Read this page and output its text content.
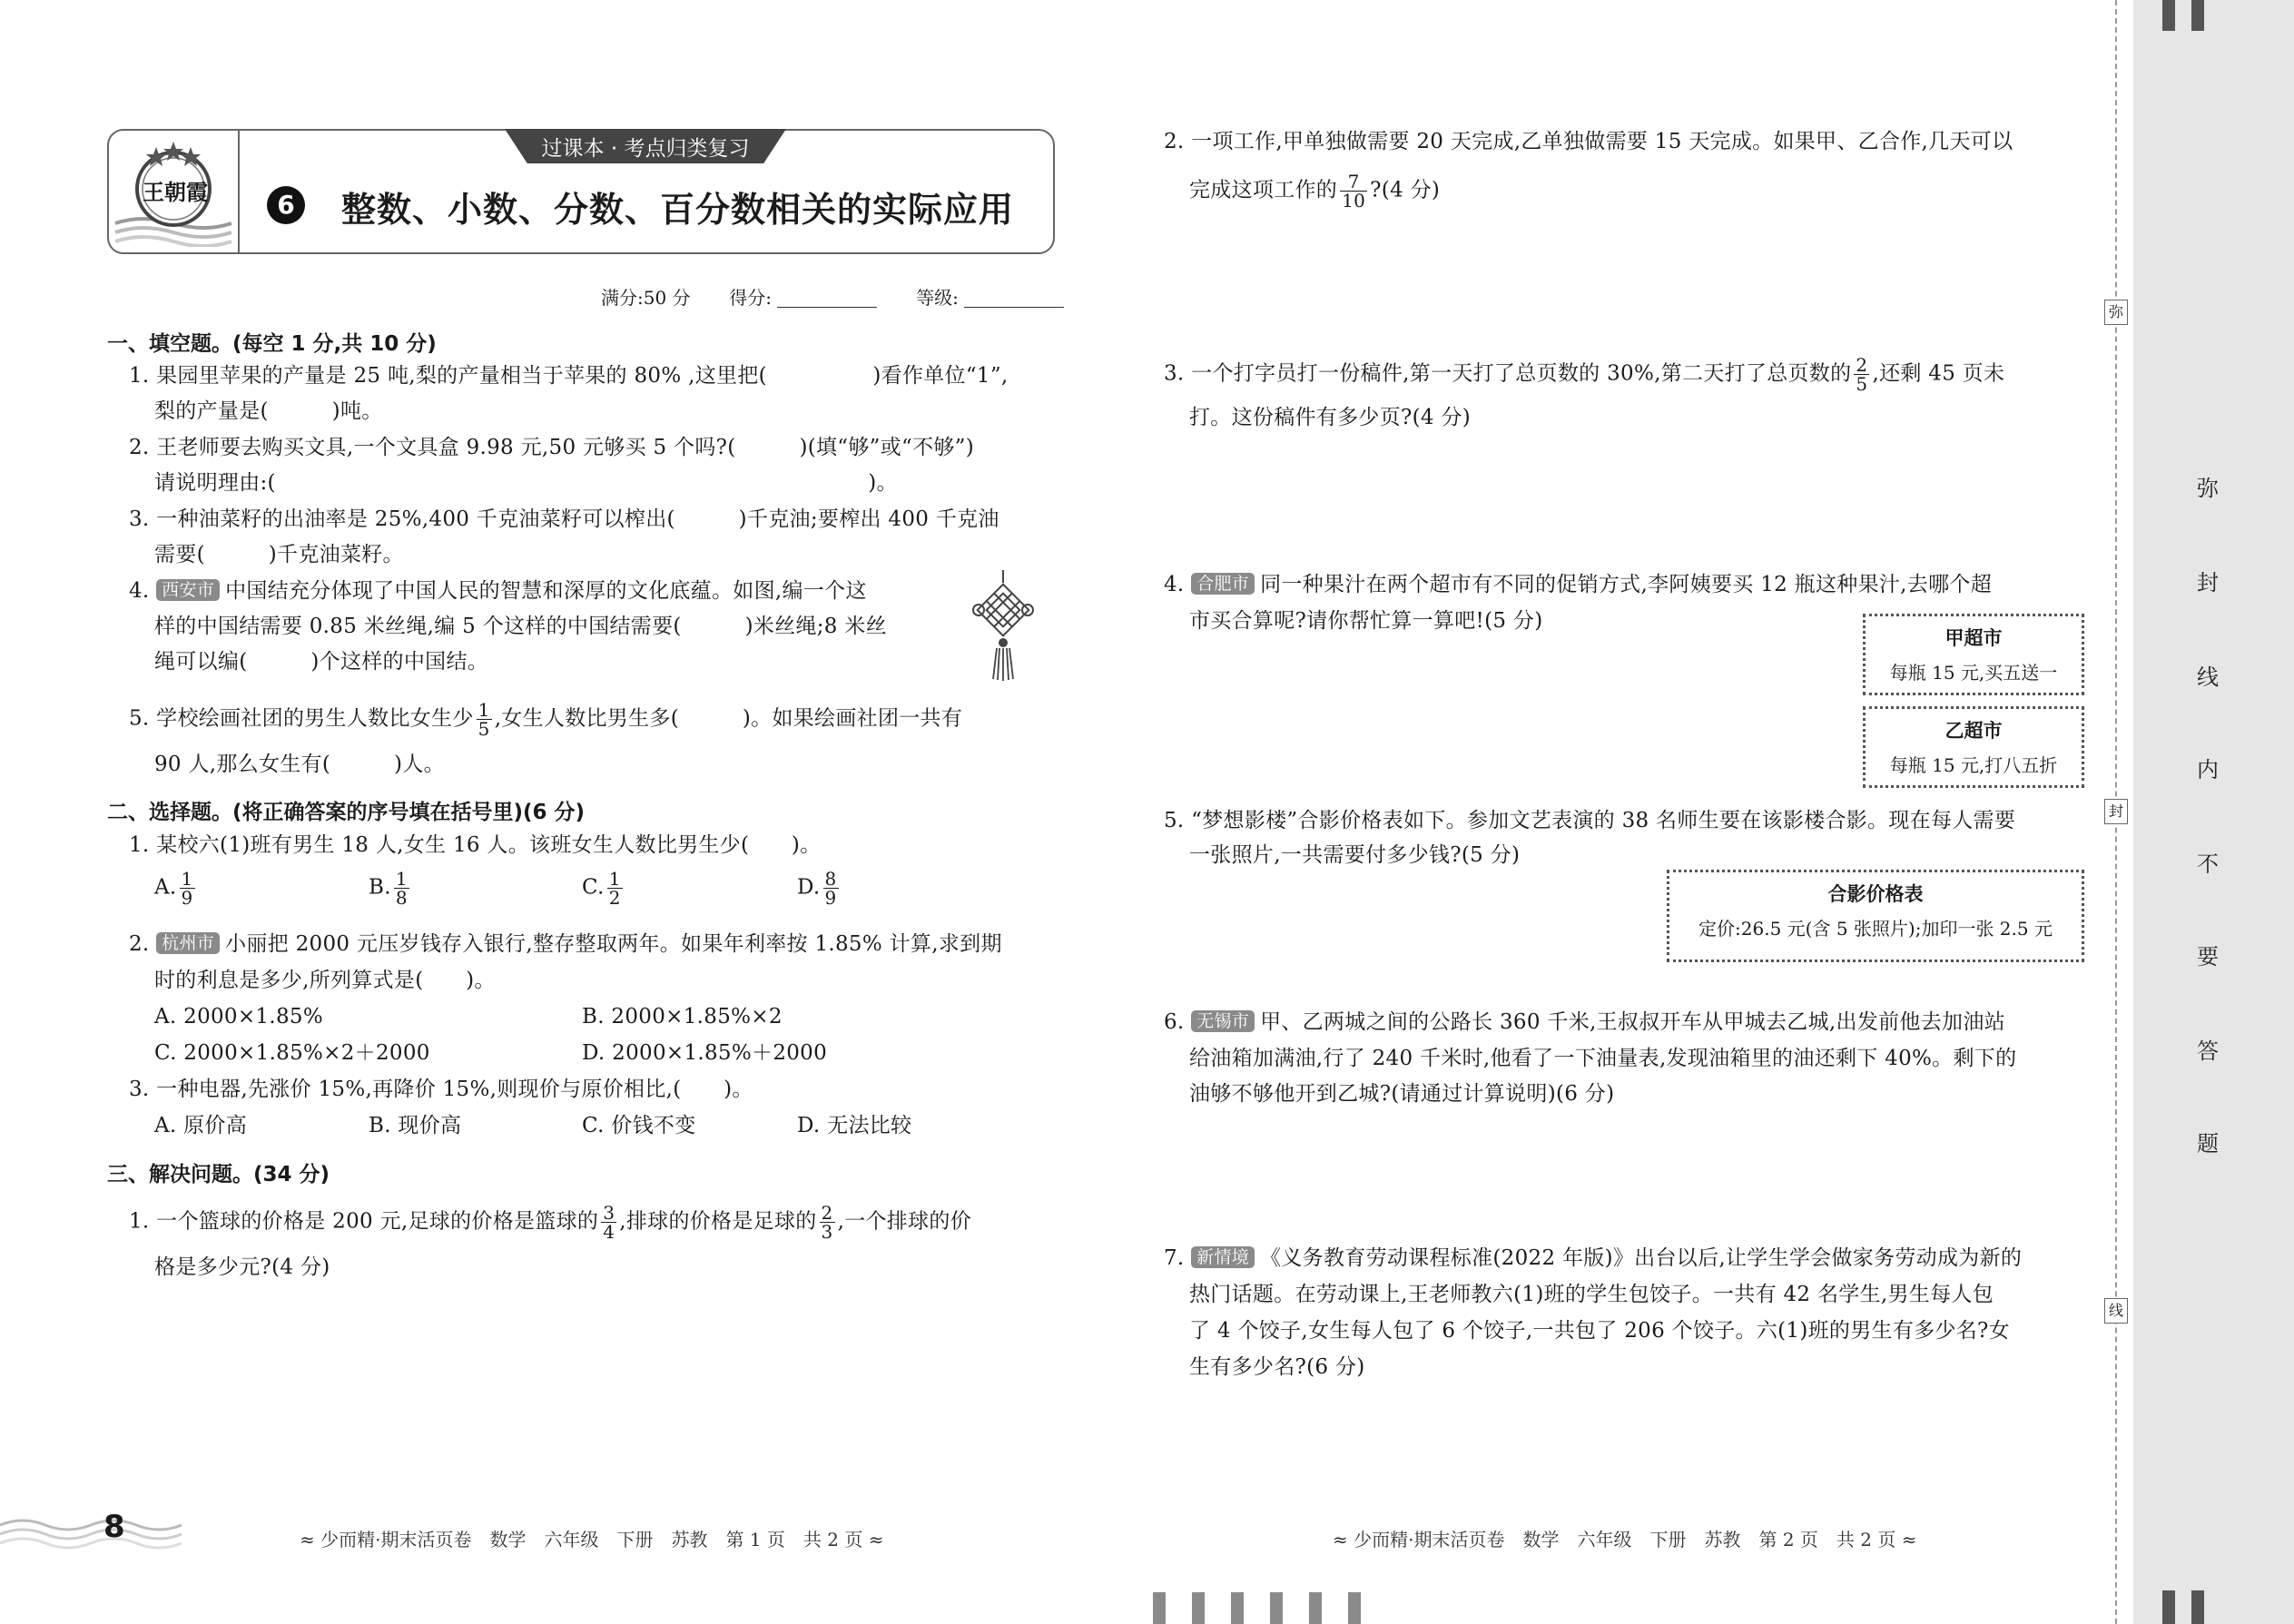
王朝霞
过课本 · 考点归类复习
6 整数、小数、分数、百分数相关的实际应用
满分:50 分 得分:	等级:
一、填空题。(每空 1 分,共 10 分)
1. 果园里苹果的产量是 25 吨,梨的产量相当于苹果的 80% ,这里把(　　　　　)看作单位“1”,
梨的产量是(　　　)吨。
2. 王老师要去购买文具,一个文具盒 9.98 元,50 元够买 5 个吗?(　　　)(填“够”或“不够”)
请说明理由:(　　　　　　　　　　　　　　　　　　　　　　　　　　　　)。
3. 一种油菜籽的出油率是 25%,400 千克油菜籽可以榨出(　　　)千克油;要榨出 400 千克油
需要(　　　)千克油菜籽。
4. 西安市 中国结充分体现了中国人民的智慧和深厚的文化底蕴。如图,编一个这
样的中国结需要 0.85 米丝绳,编 5 个这样的中国结需要(　　　)米丝绳;8 米丝
绳可以编(　　　)个这样的中国结。
5. 学校绘画社团的男生人数比女生少 $\frac{1}{5}$ ,女生人数比男生多(　　　)。如果绘画社团一共有
90 人,那么女生有(　　　)人。
二、选择题。(将正确答案的序号填在括号里)(6 分)
1. 某校六(1)班有男生 18 人,女生 16 人。该班女生人数比男生少(　　)。
A. $\frac{1}{9}$	B. $\frac{1}{8}$	C. $\frac{1}{2}$	D. $\frac{8}{9}$
2. 杭州市 小丽把 2000 元压岁钱存入银行,整存整取两年。如果年利率按 1.85% 计算,求到期
时的利息是多少,所列算式是(　　)。
A. 2000×1.85%	B. 2000×1.85%×2
C. 2000×1.85%×2＋2000	D. 2000×1.85%＋2000
3. 一种电器,先涨价 15%,再降价 15%,则现价与原价相比,(　　)。
A. 原价高	B. 现价高	C. 价钱不变	D. 无法比较
三、解决问题。(34 分)
1. 一个篮球的价格是 200 元,足球的价格是篮球的 $\frac{3}{4}$ ,排球的价格是足球的 $\frac{2}{3}$ ,一个排球的价
格是多少元?(4 分)
2. 一项工作,甲单独做需要 20 天完成,乙单独做需要 15 天完成。如果甲、乙合作,几天可以
完成这项工作的 $\frac{7}{10}$ ?(4 分)
3. 一个打字员打一份稿件,第一天打了总页数的 30%,第二天打了总页数的 $\frac{2}{5}$ ,还剩 45 页未
打。这份稿件有多少页?(4 分)
4. 合肥市 同一种果汁在两个超市有不同的促销方式,李阿姨要买 12 瓶这种果汁,去哪个超
市买合算呢?请你帮忙算一算吧!(5 分)
甲超市
每瓶 15 元,买五送一
乙超市
每瓶 15 元,打八五折
5. “梦想影楼”合影价格表如下。参加文艺表演的 38 名师生要在该影楼合影。现在每人需要
一张照片,一共需要付多少钱?(5 分)
合影价格表
定价:26.5 元(含 5 张照片);加印一张 2.5 元
6. 无锡市 甲、乙两城之间的公路长 360 千米,王叔叔开车从甲城去乙城,出发前他去加油站
给油箱加满油,行了 240 千米时,他看了一下油量表,发现油箱里的油还剩下 40%。剩下的
油够不够他开到乙城?(请通过计算说明)(6 分)
7. 新情境 《义务教育劳动课程标准(2022 年版)》出台以后,让学生学会做家务劳动成为新的
热门话题。在劳动课上,王老师教六(1)班的学生包饺子。一共有 42 名学生,男生每人包
了 4 个饺子,女生每人包了 6 个饺子,一共包了 206 个饺子。六(1)班的男生有多少名?女
生有多少名?(6 分)
弥
封
线
弥
封
线
内
不
要
答
题
8	≈ 少而精·期末活页卷　数学　六年级　下册　苏教　第 1 页　共 2 页 ≈	≈ 少而精·期末活页卷　数学　六年级　下册　苏教　第 2 页　共 2 页 ≈
